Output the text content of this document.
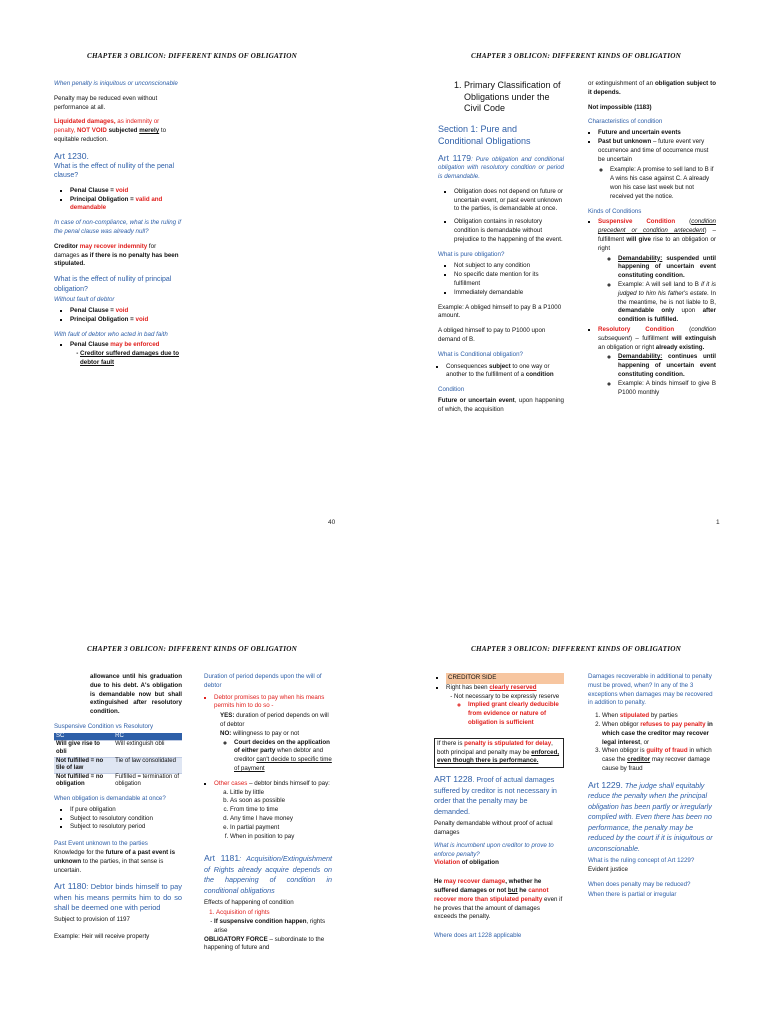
CHAPTER 3 OBLICON: DIFFERENT KINDS OF OBLIGATION

When penalty is iniquitous or unconscionable

Penalty may be reduced even without performance at all.

Liquidated damages, as indemnity or penalty, NOT VOID subjected merely to equitable reduction.

Art 1230.

What is the effect of nullity of the penal clause?

▪ Penal Clause = void
▪ Principal Obligation = valid and demandable

In case of non-compliance, what is the ruling if the penal clause was already null?

Creditor may recover indemnity for damages as if there is no penalty has been stipulated.

What is the effect of nullity of principal obligation?

Without fault of debtor

▪ Penal Clause = void
▪ Principal Obligation = void

With fault of debtor who acted in bad faith

▪ Penal Clause may be enforced
- Creditor suffered damages due to debtor fault
40
CHAPTER 3 OBLICON: DIFFERENT KINDS OF OBLIGATION
1. Primary Classification of Obligations under the Civil Code
Section 1: Pure and Conditional Obligations

Art 1179: Pure obligation and conditional obligation with resolutory condition or period is demandable.

▪ Obligation does not depend on future or uncertain event, or past event unknown to the parties, is demandable at once.
▪ Obligation contains in resolutory condition is demandable without prejudice to the happening of the event.

What is pure obligation?

▪ Not subject to any condition
▪ No specific date mention for its fulfillment
▪ Immediately demandable

Example: A obliged himself to pay B a P1000 amount.

A obliged himself to pay to P1000 upon demand of B.

What is Conditional obligation?

▪ Consequences subject to one way or another to the fulfillment of a condition

Condition

Future or uncertain event, upon happening of which, the acquisition

or extinguishment of an obligation subject to it depends.

Not impossible (1183)

Characteristics of condition

▪ Future and uncertain events
▪ Past but unknown – future event very occurrence and time of occurrence must be uncertain
◦ Example: A promise to sell land to B if A wins his case against C. A already won his case last week but not received yet the notice.

Kinds of Conditions

▪ Suspensive Condition (condition precedent or condition antecedent) – fulfillment will give rise to an obligation or right
◦ Demandability: suspended until happening of uncertain event constituting condition.
◦ Example: A will sell land to B if it is judged to him his father's estate. In the meantime, he is not liable to B, demandable only upon after condition is fulfilled.
▪ Resolutory Condition (condition subsequent) – fulfillment will extinguish an obligation or right already existing.
◦ Demandability: continues until happening of uncertain event constituting condition.
◦ Example: A binds himself to give B P1000 monthly
1
CHAPTER 3 OBLICON: DIFFERENT KINDS OF OBLIGATION

allowance until his graduation due to his debt. A's obligation is demandable now but shall extinguished after resolutory condition.

Suspensive Condition vs Resolutory

SC	RC
Will give rise to obli	Will extinguish obli
Not fulfilled = no tile of law	Tie of law consolidated
Not fulfilled = no obligation	Fulfilled = termination of obligation

When obligation is demandable at once?

▪ If pure obligation
▪ Subject to resolutory condition
▪ Subject to resolutory period

Past Event unknown to the parties

Knowledge for the future of a past event is unknown to the parties, in that sense is uncertain.

Art 1180: Debtor binds himself to pay when his means permits him to do so shall be deemed one with period

Subject to provision of 1197

Example: Heir will receive property

Duration of period depends upon the will of debtor

▪ Debtor promises to pay when his means permits him to do so -
YES: duration of period depends on will of debtor
NO: willingness to pay or not
◦ Court decides on the application of either party when debtor and creditor can't decide to specific time of payment
▪ Other cases – debtor binds himself to pay:
a. Little by little
b. As soon as possible
c. From time to time
d. Any time I have money
e. In partial payment
f. When in position to pay

Art 1181: Acquisition/Extinguishment of Rights already acquire depends on the happening of condition in conditional obligations

Effects of happening of condition

1. Acquisition of rights
- If suspensive condition happen, rights arise

OBLIGATORY FORCE – subordinate to the happening of future and

CHAPTER 3 OBLICON: DIFFERENT KINDS OF OBLIGATION
▪ CREDITOR SIDE
▪ Right has been clearly reserved
- Not necessary to be expressly reserve
◦ Implied grant clearly deducible from evidence or nature of obligation is sufficient
If there is penalty is stipulated for delay, both principal and penalty may be enforced, even though there is performance.

ART 1228. Proof of actual damages suffered by creditor is not necessary in order that the penalty may be demanded.

Penalty demandable without proof of actual damages

What is incumbent upon creditor to prove to enforce penalty?

Violation of obligation

He may recover damage, whether he suffered damages or not but he cannot recover more than stipulated penalty even if he proves that the amount of damages exceeds the penalty.

Where does art 1228 applicable

Damages recoverable in additional to penalty must be proved, when? In any of the 3 exceptions when damages may be recovered in addition to penalty.

1. When stipulated by parties
2. When obligor refuses to pay penalty in which case the creditor may recover legal interest, or
3. When obligor is guilty of fraud in which case the creditor may recover damage cause by fraud

Art 1229. The judge shall equitably reduce the penalty when the principal obligation has been partly or irregularly complied with. Even there has been no performance, the penalty may be reduced by the court if it is iniquitous or unconscionable.

What is the ruling concept of Art 1229?

Evident justice

When does penalty may be reduced?

When there is partial or irregular
